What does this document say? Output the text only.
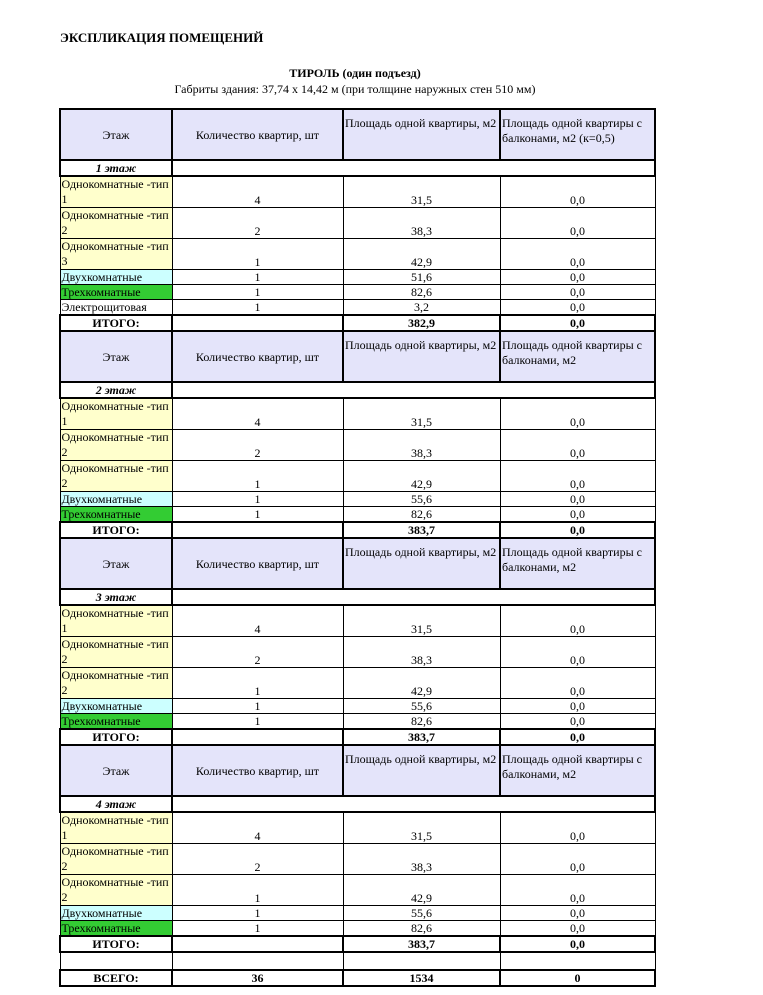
ЭКСПЛИКАЦИЯ ПОМЕЩЕНИЙ
ТИРОЛЬ (один подъезд)
Габриты здания: 37,74 х 14,42 м (при толщине наружных стен 510 мм)
Этаж	Количество квартир, шт	Площадь одной квартиры, м2	Площадь одной квартиры с балконами, м2 (к=0,5)
1 этаж			
Однокомнатные -тип 1	4	31,5	0,0
Однокомнатные -тип 2	2	38,3	0,0
Однокомнатные -тип 3	1	42,9	0,0
Двухкомнатные	1	51,6	0,0
Трехкомнатные	1	82,6	0,0
Электрощитовая	1	3,2	0,0
ИТОГО:		382,9	0,0
Этаж	Количество квартир, шт	Площадь одной квартиры, м2	Площадь одной квартиры с балконами, м2
2 этаж			
Однокомнатные -тип 1	4	31,5	0,0
Однокомнатные -тип 2	2	38,3	0,0
Однокомнатные -тип 2	1	42,9	0,0
Двухкомнатные	1	55,6	0,0
Трехкомнатные	1	82,6	0,0
ИТОГО:		383,7	0,0
Этаж	Количество квартир, шт	Площадь одной квартиры, м2	Площадь одной квартиры с балконами, м2
3 этаж			
Однокомнатные -тип 1	4	31,5	0,0
Однокомнатные -тип 2	2	38,3	0,0
Однокомнатные -тип 2	1	42,9	0,0
Двухкомнатные	1	55,6	0,0
Трехкомнатные	1	82,6	0,0
ИТОГО:		383,7	0,0
Этаж	Количество квартир, шт	Площадь одной квартиры, м2	Площадь одной квартиры с балконами, м2
4 этаж			
Однокомнатные -тип 1	4	31,5	0,0
Однокомнатные -тип 2	2	38,3	0,0
Однокомнатные -тип 2	1	42,9	0,0
Двухкомнатные	1	55,6	0,0
Трехкомнатные	1	82,6	0,0
ИТОГО:		383,7	0,0

ВСЕГО:	36	1534	0
